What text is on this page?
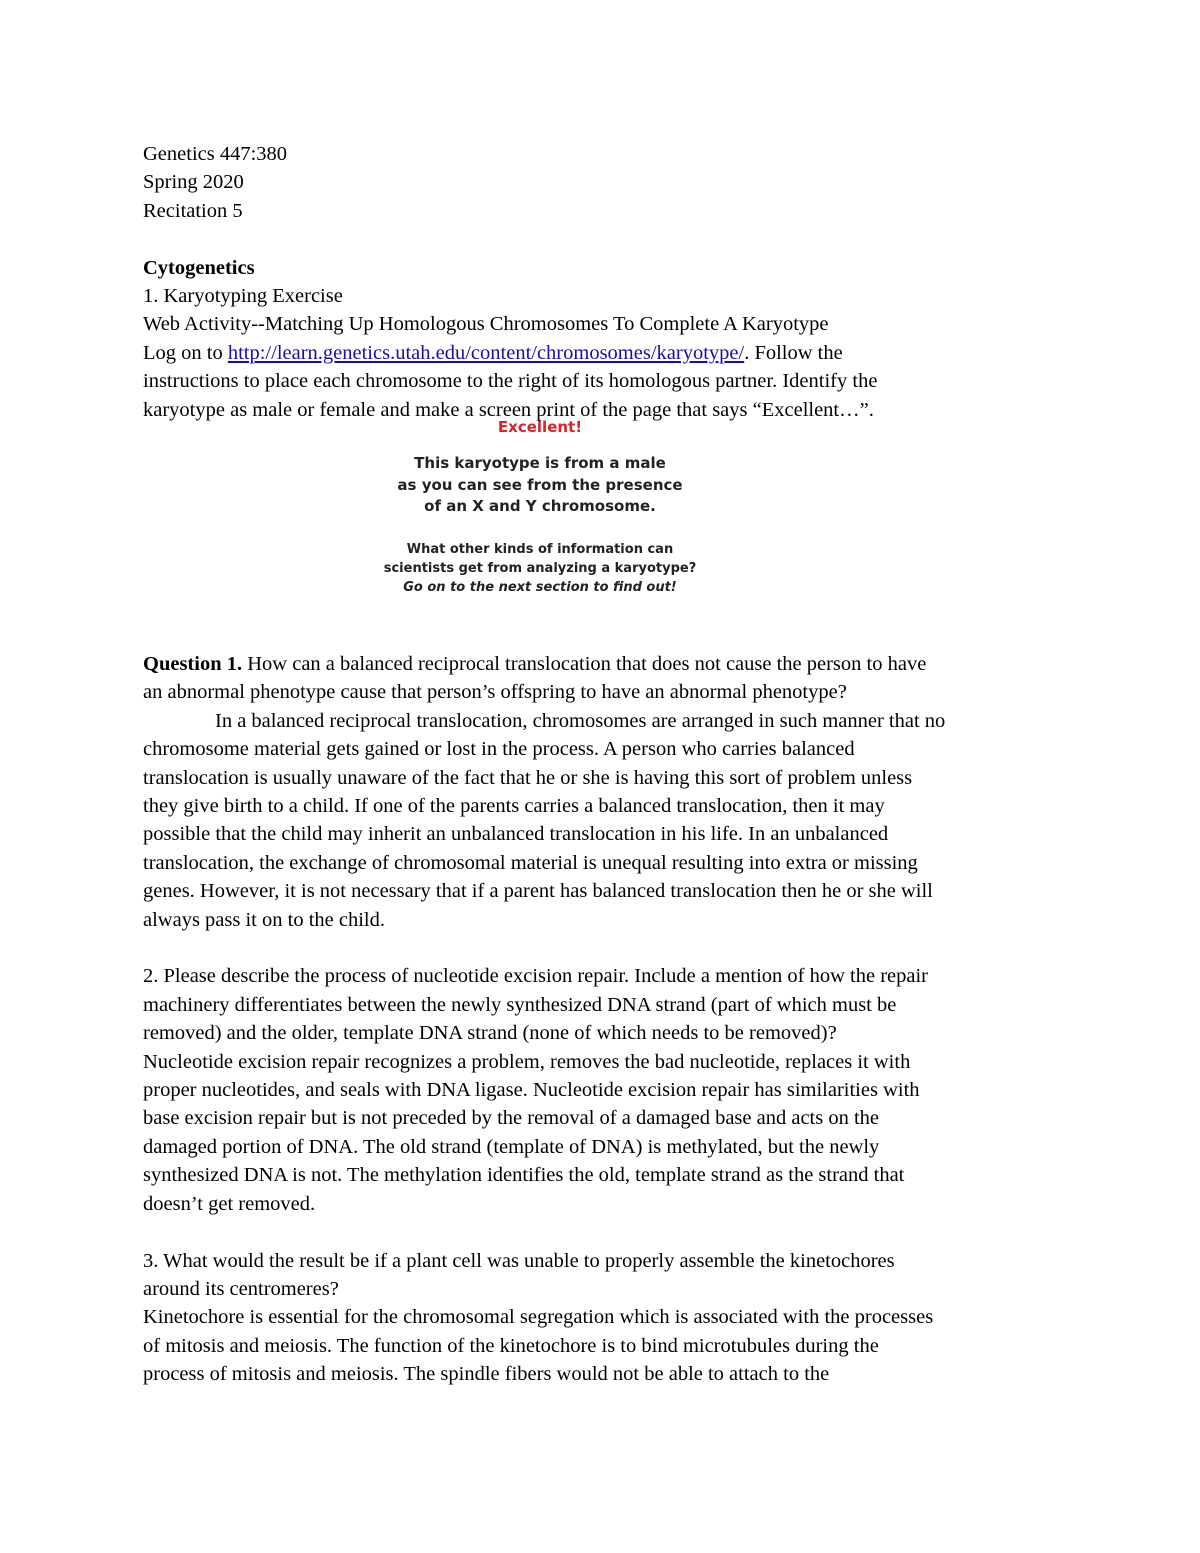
Genetics 447:380
Spring 2020
Recitation 5
Cytogenetics
1. Karyotyping Exercise
Web Activity--Matching Up Homologous Chromosomes To Complete A Karyotype
Log on to http://learn.genetics.utah.edu/content/chromosomes/karyotype/. Follow the
instructions to place each chromosome to the right of its homologous partner. Identify the
karyotype as male or female and make a screen print of the page that says “Excellent…”.
Excellent!
This karyotype is from a male
as you can see from the presence
of an X and Y chromosome.
What other kinds of information can
scientists get from analyzing a karyotype?
Go on to the next section to find out!
Question 1. How can a balanced reciprocal translocation that does not cause the person to have
an abnormal phenotype cause that person’s offspring to have an abnormal phenotype?
In a balanced reciprocal translocation, chromosomes are arranged in such manner that no
chromosome material gets gained or lost in the process. A person who carries balanced
translocation is usually unaware of the fact that he or she is having this sort of problem unless
they give birth to a child. If one of the parents carries a balanced translocation, then it may
possible that the child may inherit an unbalanced translocation in his life. In an unbalanced
translocation, the exchange of chromosomal material is unequal resulting into extra or missing
genes. However, it is not necessary that if a parent has balanced translocation then he or she will
always pass it on to the child.
2. Please describe the process of nucleotide excision repair. Include a mention of how the repair
machinery differentiates between the newly synthesized DNA strand (part of which must be
removed) and the older, template DNA strand (none of which needs to be removed)?
Nucleotide excision repair recognizes a problem, removes the bad nucleotide, replaces it with
proper nucleotides, and seals with DNA ligase. Nucleotide excision repair has similarities with
base excision repair but is not preceded by the removal of a damaged base and acts on the
damaged portion of DNA. The old strand (template of DNA) is methylated, but the newly
synthesized DNA is not. The methylation identifies the old, template strand as the strand that
doesn’t get removed.
3. What would the result be if a plant cell was unable to properly assemble the kinetochores
around its centromeres?
Kinetochore is essential for the chromosomal segregation which is associated with the processes
of mitosis and meiosis. The function of the kinetochore is to bind microtubules during the
process of mitosis and meiosis. The spindle fibers would not be able to attach to the
